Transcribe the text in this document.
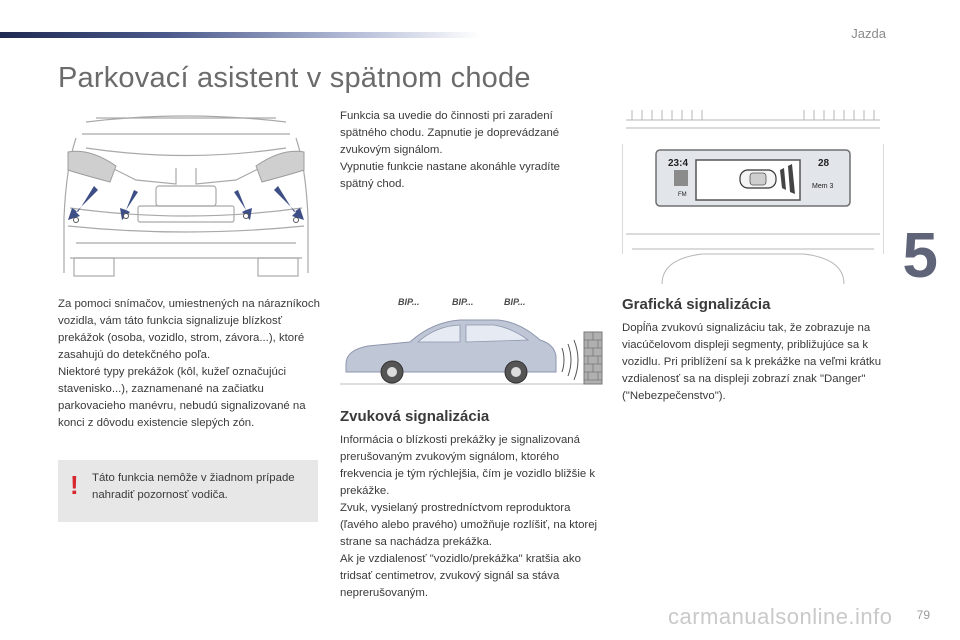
Jazda
5
Parkovací asistent v spätnom chode

Funkcia sa uvedie do činnosti pri zaradení spätného chodu. Zapnutie je doprevádzané zvukovým signálom.

Vypnutie funkcie nastane akonáhle vyradíte spätný chod.

Za pomoci snímačov, umiestnených na nárazníkoch vozidla, vám táto funkcia signalizuje blízkosť prekážok (osoba, vozidlo, strom, závora...), ktoré zasahujú do detekčného poľa.

Niektoré typy prekážok (kôl, kužeľ označujúci stavenisko...), zaznamenané na začiatku parkovacieho manévru, nebudú signalizované na konci z dôvodu existencie slepých zón.

! Táto funkcia nemôže v žiadnom prípade nahradiť pozornosť vodiča.
BIP...	BIP...	BIP...
Zvuková signalizácia

Informácia o blízkosti prekážky je signalizovaná prerušovaným zvukovým signálom, ktorého frekvencia je tým rýchlejšia, čím je vozidlo bližšie k prekážke.

Zvuk, vysielaný prostredníctvom reproduktora (ľavého alebo pravého) umožňuje rozlíšiť, na ktorej strane sa nachádza prekážka.

Ak je vzdialenosť "vozidlo/prekážka" kratšia ako tridsať centimetrov, zvukový signál sa stáva neprerušovaným.

23:4	28
Mem 3
FM
Grafická signalizácia
Dopĺňa zvukovú signalizáciu tak, že zobrazuje na viacúčelovom displeji segmenty, približujúce sa k vozidlu. Pri priblížení sa k prekážke na veľmi krátku vzdialenosť sa na displeji zobrazí znak "Danger" ("Nebezpečenstvo").
carmanualsonline.info 79
